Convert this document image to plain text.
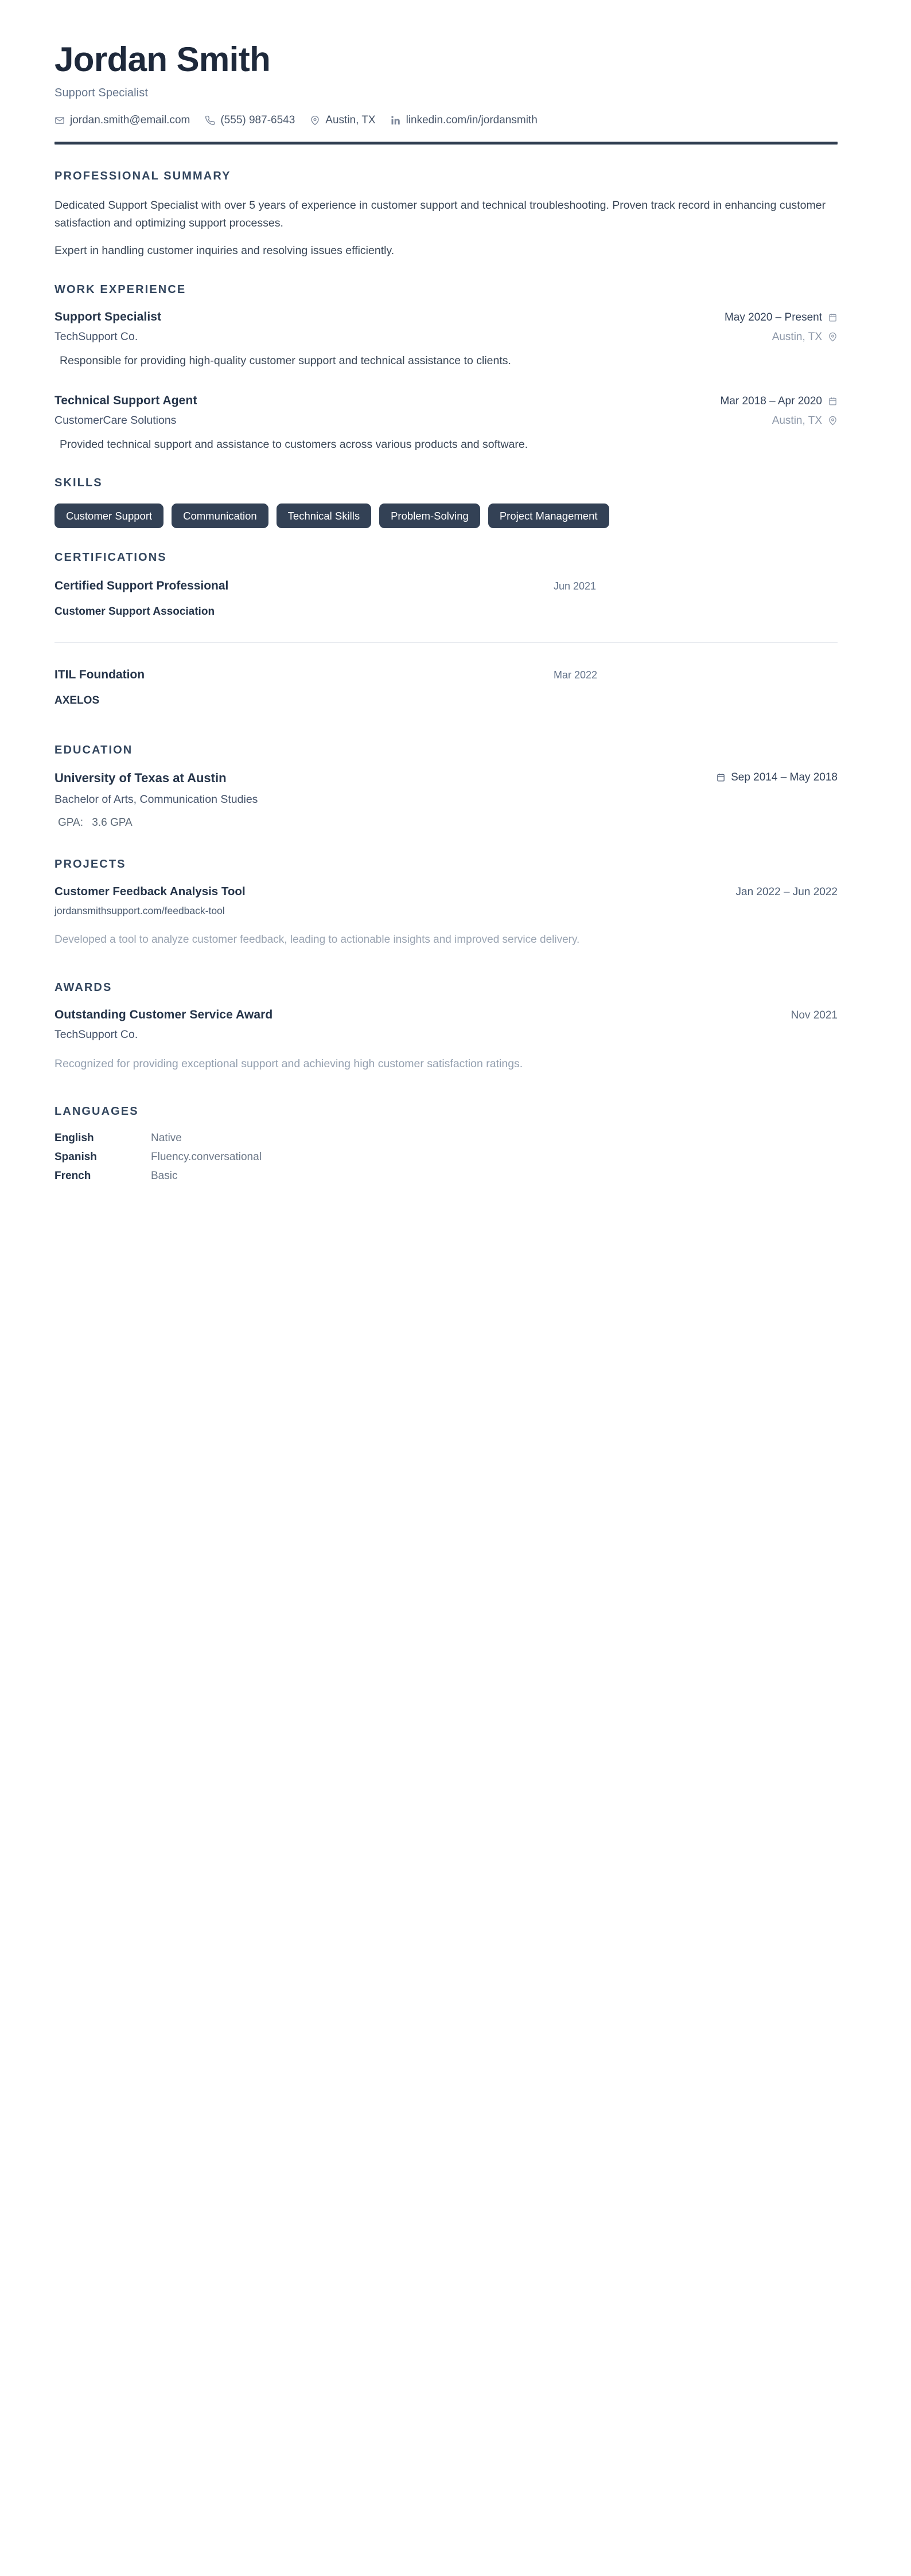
Jordan Smith
Support Specialist
jordan.smith@email.com	(555) 987-6543	Austin, TX	linkedin.com/in/jordansmith
PROFESSIONAL SUMMARY
Dedicated Support Specialist with over 5 years of experience in customer support and technical troubleshooting. Proven track record in enhancing customer satisfaction and optimizing support processes.
Expert in handling customer inquiries and resolving issues efficiently.
WORK EXPERIENCE
Support Specialist	May 2020 – Present
TechSupport Co.	Austin, TX
Responsible for providing high-quality customer support and technical assistance to clients.
Technical Support Agent	Mar 2018 – Apr 2020
CustomerCare Solutions	Austin, TX
Provided technical support and assistance to customers across various products and software.
SKILLS
Customer Support	Communication	Technical Skills	Problem-Solving	Project Management
CERTIFICATIONS
Certified Support Professional	Jun 2021
Customer Support Association
ITIL Foundation	Mar 2022
AXELOS
EDUCATION
University of Texas at Austin	Sep 2014 – May 2018
Bachelor of Arts, Communication Studies
GPA: 3.6 GPA
PROJECTS
Customer Feedback Analysis Tool	Jan 2022 – Jun 2022
jordansmithsupport.com/feedback-tool
Developed a tool to analyze customer feedback, leading to actionable insights and improved service delivery.
AWARDS
Outstanding Customer Service Award	Nov 2021
TechSupport Co.
Recognized for providing exceptional support and achieving high customer satisfaction ratings.
LANGUAGES
English	Native
Spanish	Fluency.conversational
French	Basic
